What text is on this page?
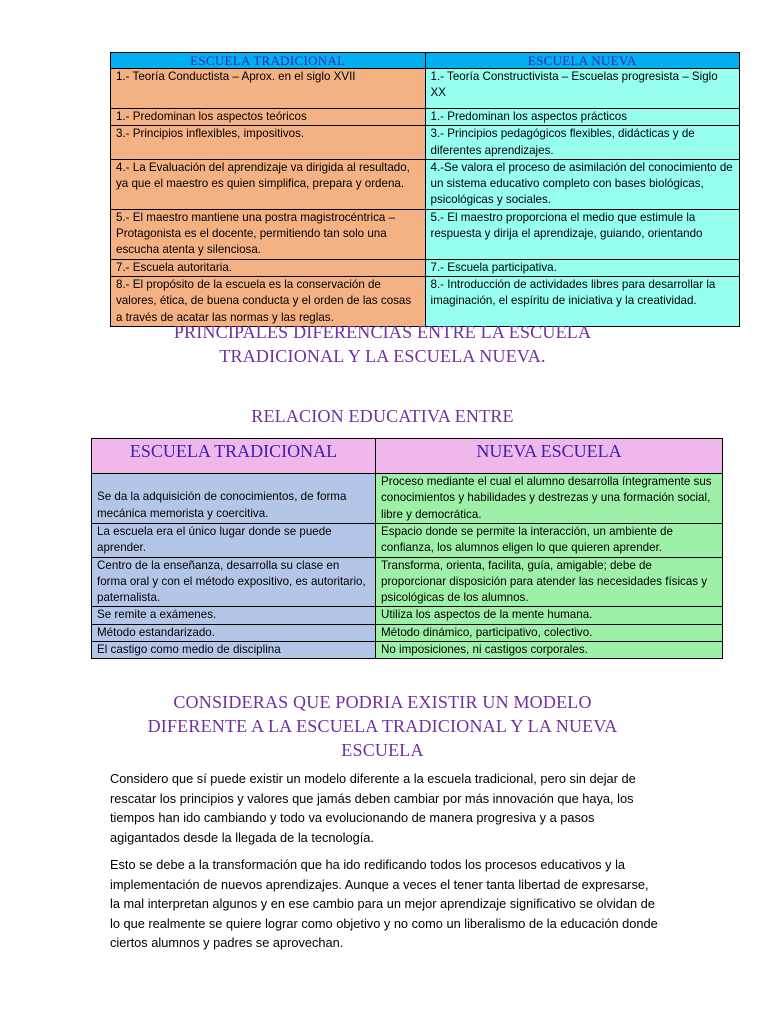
ESCUELA TRADICIONAL	ESCUELA NUEVA
1.- Teoría Conductista – Aprox. en el siglo XVII	1.- Teoría Constructivista – Escuelas progresista – Siglo XX
1.- Predominan los aspectos teóricos	1.- Predominan los aspectos prácticos
3.- Principios inflexibles, impositivos.	3.- Principios pedagógicos flexibles, didácticas y de diferentes aprendizajes.
4.- La Evaluación del aprendizaje va dirigida al resultado, ya que el maestro es quien simplifica, prepara y ordena.	4.-Se valora el proceso de asimilación del conocimiento de un sistema educativo completo con bases biológicas, psicológicas y sociales.
5.- El maestro mantiene una postra magistrocéntrica – Protagonista es el docente, permitiendo tan solo una escucha atenta y silenciosa.	5.- El maestro proporciona el medio que estimule la respuesta y dirija el aprendizaje, guiando, orientando
7.- Escuela autoritaria.	7.- Escuela participativa.
8.- El propósito de la escuela es la conservación de valores, ética, de buena conducta y el orden de las cosas a través de acatar las normas y las reglas.	8.- Introducción de actividades libres para desarrollar la imaginación, el espíritu de iniciativa y la creatividad.
PRINCIPALES DIFERENCIAS ENTRE LA ESCUELA
TRADICIONAL Y LA ESCUELA NUEVA.
RELACION EDUCATIVA ENTRE
ESCUELA TRADICIONAL	NUEVA ESCUELA
Se da la adquisición de conocimientos, de forma mecánica memorista y coercitiva.	Proceso mediante el cual el alumno desarrolla íntegramente sus conocimientos y habilidades y destrezas y una formación social, libre y democrática.
La escuela era el único lugar donde se puede aprender.	Espacio donde se permite la interacción, un ambiente de confianza, los alumnos eligen lo que quieren aprender.
Centro de la enseñanza, desarrolla su clase en forma oral y con el método expositivo, es autoritario, paternalista.	Transforma, orienta, facilita, guía, amigable; debe de proporcionar disposición para atender las necesidades físicas y psicológicas de los alumnos.
Se remite a exámenes.	Utiliza los aspectos de la mente humana.
Método estandarizado.	Método dinámico, participativo, colectivo.
El castigo como medio de disciplina	No imposiciones, ni castigos corporales.
CONSIDERAS QUE PODRIA EXISTIR UN MODELO
DIFERENTE A LA ESCUELA TRADICIONAL Y LA NUEVA
ESCUELA

Considero que sí puede existir un modelo diferente a la escuela tradicional, pero sin dejar de rescatar los principios y valores que jamás deben cambiar por más innovación que haya, los tiempos han ido cambiando y todo va evolucionando de manera progresiva y a pasos agigantados desde la llegada de la tecnología.

Esto se debe a la transformación que ha ido redificando todos los procesos educativos y la implementación de nuevos aprendizajes. Aunque a veces el tener tanta libertad de expresarse, la mal interpretan algunos y en ese cambio para un mejor aprendizaje significativo se olvidan de lo que realmente se quiere lograr como objetivo y no como un liberalismo de la educación donde ciertos alumnos y padres se aprovechan.
